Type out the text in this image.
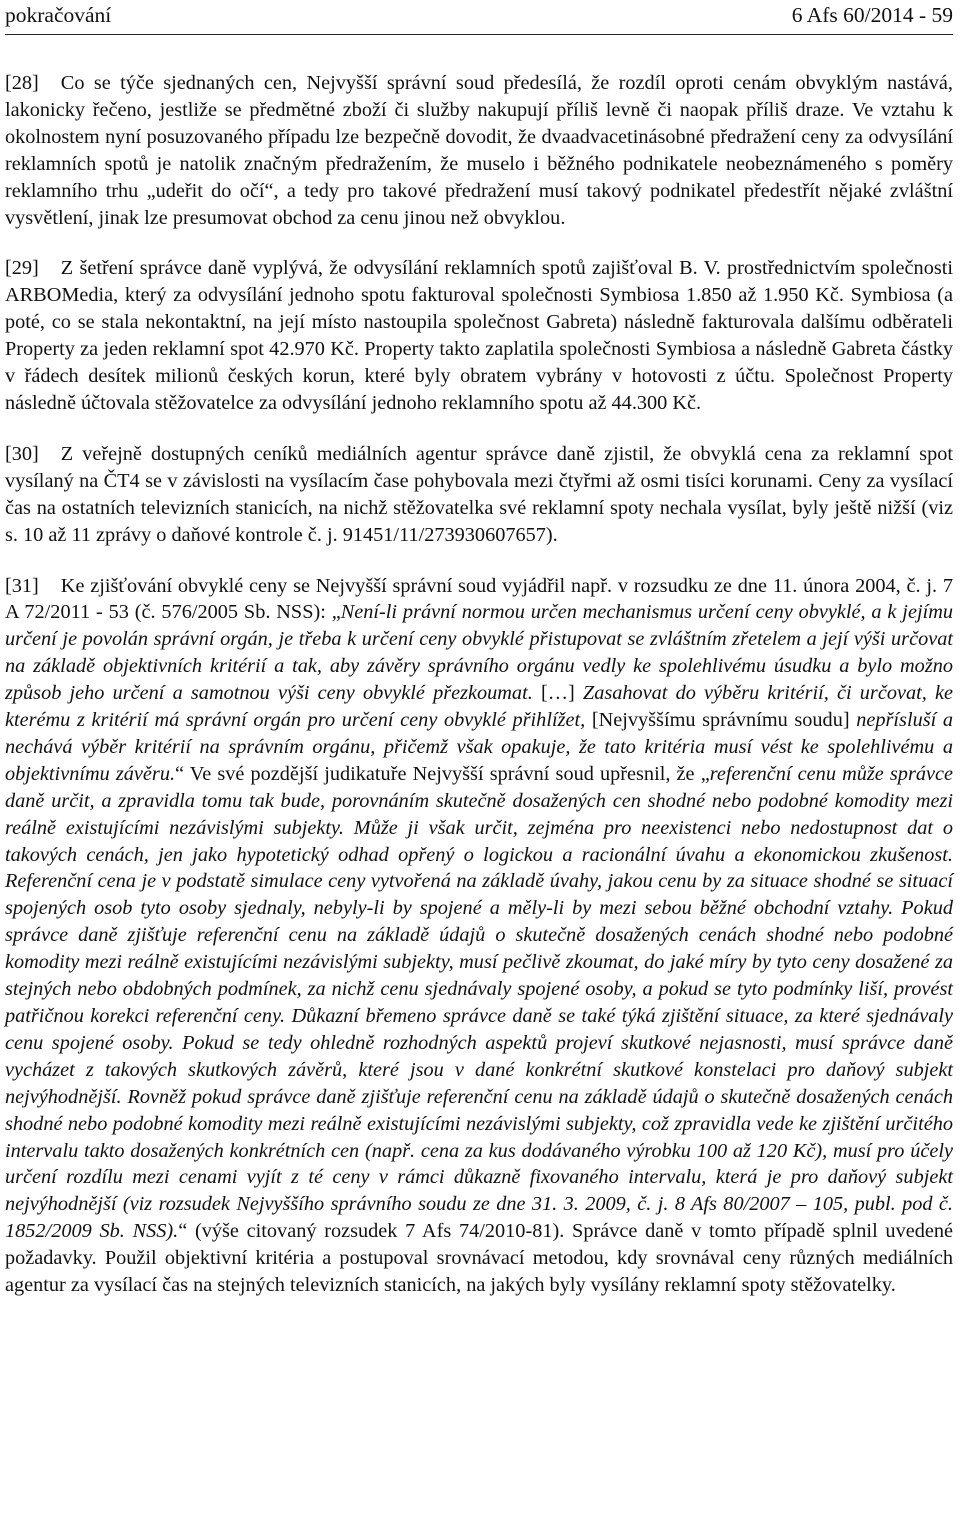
pokračování	6 Afs 60/2014 - 59

[28] Co se týče sjednaných cen, Nejvyšší správní soud předesílá, že rozdíl oproti cenám obvyklým nastává, lakonicky řečeno, jestliže se předmětné zboží či služby nakupují příliš levně či naopak příliš draze. Ve vztahu k okolnostem nyní posuzovaného případu lze bezpečně dovodit, že dvaadvacetinásobné předražení ceny za odvysílání reklamních spotů je natolik značným předražením, že muselo i běžného podnikatele neobeznámeného s poměry reklamního trhu „udeřit do očí“, a tedy pro takové předražení musí takový podnikatel předestřít nějaké zvláštní vysvětlení, jinak lze presumovat obchod za cenu jinou než obvyklou.

[29] Z šetření správce daně vyplývá, že odvysílání reklamních spotů zajišťoval B. V. prostřednictvím společnosti ARBOMedia, který za odvysílání jednoho spotu fakturoval společnosti Symbiosa 1.850 až 1.950 Kč. Symbiosa (a poté, co se stala nekontaktní, na její místo nastoupila společnost Gabreta) následně fakturovala dalšímu odběrateli Property za jeden reklamní spot 42.970 Kč. Property takto zaplatila společnosti Symbiosa a následně Gabreta částky v řádech desítek milionů českých korun, které byly obratem vybrány v hotovosti z účtu. Společnost Property následně účtovala stěžovatelce za odvysílání jednoho reklamního spotu až 44.300 Kč.

[30] Z veřejně dostupných ceníků mediálních agentur správce daně zjistil, že obvyklá cena za reklamní spot vysílaný na ČT4 se v závislosti na vysílacím čase pohybovala mezi čtyřmi až osmi tisíci korunami. Ceny za vysílací čas na ostatních televizních stanicích, na nichž stěžovatelka své reklamní spoty nechala vysílat, byly ještě nižší (viz s. 10 až 11 zprávy o daňové kontrole č. j. 91451/11/273930607657).

[31] Ke zjišťování obvyklé ceny se Nejvyšší správní soud vyjádřil např. v rozsudku ze dne 11. února 2004, č. j. 7 A 72/2011 - 53 (č. 576/2005 Sb. NSS): „Není-li právní normou určen mechanismus určení ceny obvyklé, a k jejímu určení je povolán správní orgán, je třeba k určení ceny obvyklé přistupovat se zvláštním zřetelem a její výši určovat na základě objektivních kritérií a tak, aby závěry správního orgánu vedly ke spolehlivému úsudku a bylo možno způsob jeho určení a samotnou výši ceny obvyklé přezkoumat. […] Zasahovat do výběru kritérií, či určovat, ke kterému z kritérií má správní orgán pro určení ceny obvyklé přihlížet, [Nejvyššímu správnímu soudu] nepřísluší a nechává výběr kritérií na správním orgánu, přičemž však opakuje, že tato kritéria musí vést ke spolehlivému a objektivnímu závěru.“ Ve své pozdější judikatuře Nejvyšší správní soud upřesnil, že „referenční cenu může správce daně určit, a zpravidla tomu tak bude, porovnáním skutečně dosažených cen shodné nebo podobné komodity mezi reálně existujícími nezávislými subjekty. Může ji však určit, zejména pro neexistenci nebo nedostupnost dat o takových cenách, jen jako hypotetický odhad opřený o logickou a racionální úvahu a ekonomickou zkušenost. Referenční cena je v podstatě simulace ceny vytvořená na základě úvahy, jakou cenu by za situace shodné se situací spojených osob tyto osoby sjednaly, nebyly-li by spojené a měly-li by mezi sebou běžné obchodní vztahy. Pokud správce daně zjišťuje referenční cenu na základě údajů o skutečně dosažených cenách shodné nebo podobné komodity mezi reálně existujícími nezávislými subjekty, musí pečlivě zkoumat, do jaké míry by tyto ceny dosažené za stejných nebo obdobných podmínek, za nichž cenu sjednávaly spojené osoby, a pokud se tyto podmínky liší, provést patřičnou korekci referenční ceny. Důkazní břemeno správce daně se také týká zjištění situace, za které sjednávaly cenu spojené osoby. Pokud se tedy ohledně rozhodných aspektů projeví skutkové nejasnosti, musí správce daně vycházet z takových skutkových závěrů, které jsou v dané konkrétní skutkové konstelaci pro daňový subjekt nejvýhodnější. Rovněž pokud správce daně zjišťuje referenční cenu na základě údajů o skutečně dosažených cenách shodné nebo podobné komodity mezi reálně existujícími nezávislými subjekty, což zpravidla vede ke zjištění určitého intervalu takto dosažených konkrétních cen (např. cena za kus dodávaného výrobku 100 až 120 Kč), musí pro účely určení rozdílu mezi cenami vyjít z té ceny v rámci důkazně fixovaného intervalu, která je pro daňový subjekt nejvýhodnější (viz rozsudek Nejvyššího správního soudu ze dne 31. 3. 2009, č. j. 8 Afs 80/2007 – 105, publ. pod č. 1852/2009 Sb. NSS).“ (výše citovaný rozsudek 7 Afs 74/2010-81). Správce daně v tomto případě splnil uvedené požadavky. Použil objektivní kritéria a postupoval srovnávací metodou, kdy srovnával ceny různých mediálních agentur za vysílací čas na stejných televizních stanicích, na jakých byly vysílány reklamní spoty stěžovatelky.
